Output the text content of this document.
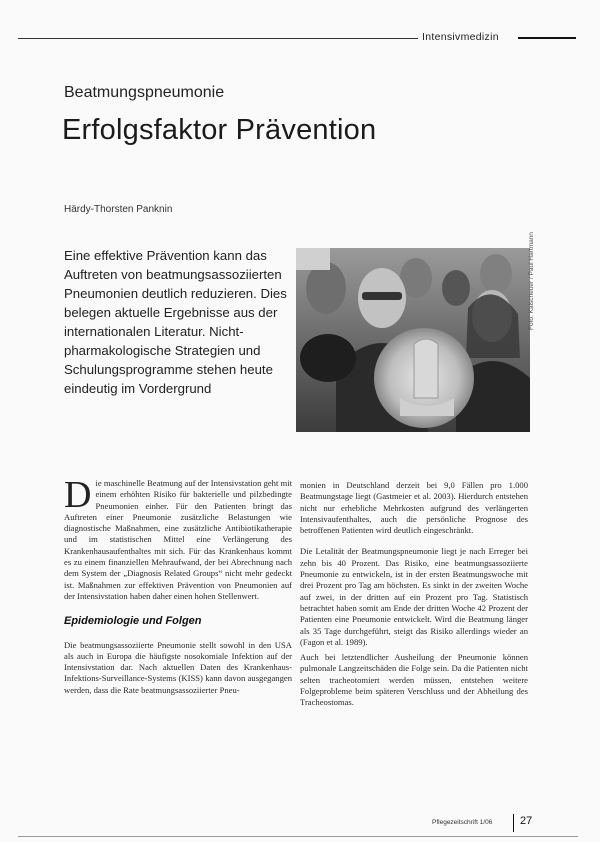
Intensivmedizin
Beatmungspneumonie
Erfolgsfaktor Prävention
Härdy-Thorsten Panknin
Eine effektive Prävention kann das Auftreten von beatmungsassoziierten Pneumonien deutlich reduzieren. Dies belegen aktuelle Ergebnisse aus der internationalen Literatur. Nicht-pharmakologische Strategien und Schulungsprogramme stehen heute eindeutig im Vordergrund
Foto: Kalscheuer / Paul Hartmann

Die maschinelle Beatmung auf der Intensivstation geht mit einem erhöhten Risiko für bakterielle und pilzbedingte Pneumonien einher. Für den Patienten bringt das Auftreten einer Pneumonie zusätzliche Belastungen wie diagnostische Maßnahmen, eine zusätzliche Antibiotikatherapie und im statistischen Mittel eine Verlängerung des Krankenhausaufenthaltes mit sich. Für das Krankenhaus kommt es zu einem finanziellen Mehraufwand, der bei Abrechnung nach dem System der „Diagnosis Related Groups“ nicht mehr gedeckt ist. Maßnahmen zur effektiven Prävention von Pneumonien auf der Intensivstation haben daher einen hohen Stellenwert.

Epidemiologie und Folgen

Die beatmungsassoziierte Pneumonie stellt sowohl in den USA als auch in Europa die häufigste nosokomiale Infektion auf der Intensivstation dar. Nach aktuellen Daten des Krankenhaus-Infektions-Surveillance-Systems (KISS) kann davon ausgegangen werden, dass die Rate beatmungsassoziierter Pneu-

monien in Deutschland derzeit bei 9,0 Fällen pro 1.000 Beatmungstage liegt (Gastmeier et al. 2003). Hierdurch entstehen nicht nur erhebliche Mehrkosten aufgrund des verlängerten Intensivaufenthaltes, auch die persönliche Prognose des betroffenen Patienten wird deutlich eingeschränkt.

Die Letalität der Beatmungspneumonie liegt je nach Erreger bei zehn bis 40 Prozent. Das Risiko, eine beatmungsassoziierte Pneumonie zu entwickeln, ist in der ersten Beatmungswoche mit drei Prozent pro Tag am höchsten. Es sinkt in der zweiten Woche auf zwei, in der dritten auf ein Prozent pro Tag. Statistisch betrachtet haben somit am Ende der dritten Woche 42 Prozent der Patienten eine Pneumonie entwickelt. Wird die Beatmung länger als 35 Tage durchgeführt, steigt das Risiko allerdings wieder an (Fagon et al. 1989).

Auch bei letztendlicher Ausheilung der Pneumonie können pulmonale Langzeitschäden die Folge sein. Da die Patienten nicht selten tracheotomiert werden müssen, entstehen weitere Folgeprobleme beim späteren Verschluss und der Abheilung des Tracheostomas.

Pflegezeitschrift 1/06	27
